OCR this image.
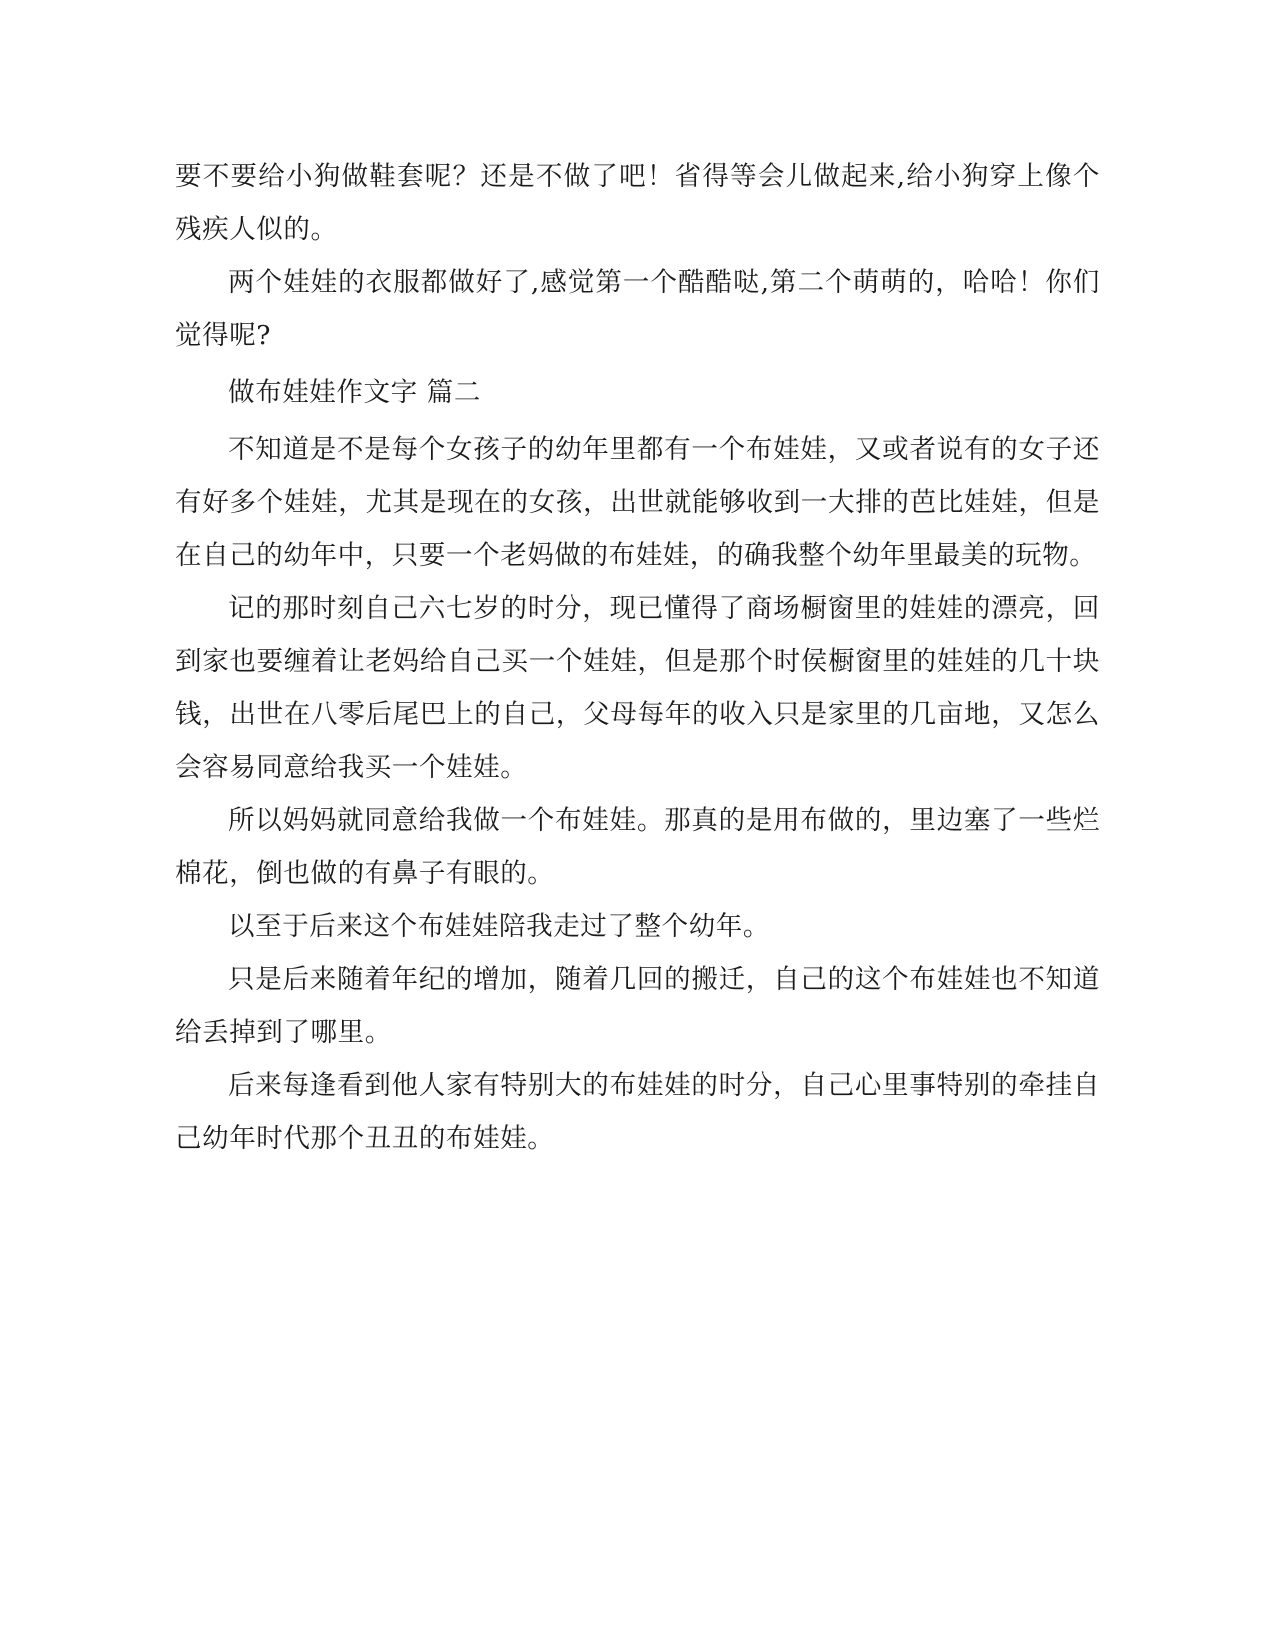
要不要给小狗做鞋套呢？还是不做了吧！省得等会儿做起来,给小狗穿上像个残疾人似的。

两个娃娃的衣服都做好了,感觉第一个酷酷哒,第二个萌萌的，哈哈！你们觉得呢?

做布娃娃作文字 篇二

不知道是不是每个女孩子的幼年里都有一个布娃娃，又或者说有的女子还有好多个娃娃，尤其是现在的女孩，出世就能够收到一大排的芭比娃娃，但是在自己的幼年中，只要一个老妈做的布娃娃，的确我整个幼年里最美的玩物。

记的那时刻自己六七岁的时分，现已懂得了商场橱窗里的娃娃的漂亮，回到家也要缠着让老妈给自己买一个娃娃，但是那个时侯橱窗里的娃娃的几十块钱，出世在八零后尾巴上的自己，父母每年的收入只是家里的几亩地，又怎么会容易同意给我买一个娃娃。

所以妈妈就同意给我做一个布娃娃。那真的是用布做的，里边塞了一些烂棉花，倒也做的有鼻子有眼的。

以至于后来这个布娃娃陪我走过了整个幼年。

只是后来随着年纪的增加，随着几回的搬迁，自己的这个布娃娃也不知道给丢掉到了哪里。

后来每逢看到他人家有特别大的布娃娃的时分，自己心里事特别的牵挂自己幼年时代那个丑丑的布娃娃。
